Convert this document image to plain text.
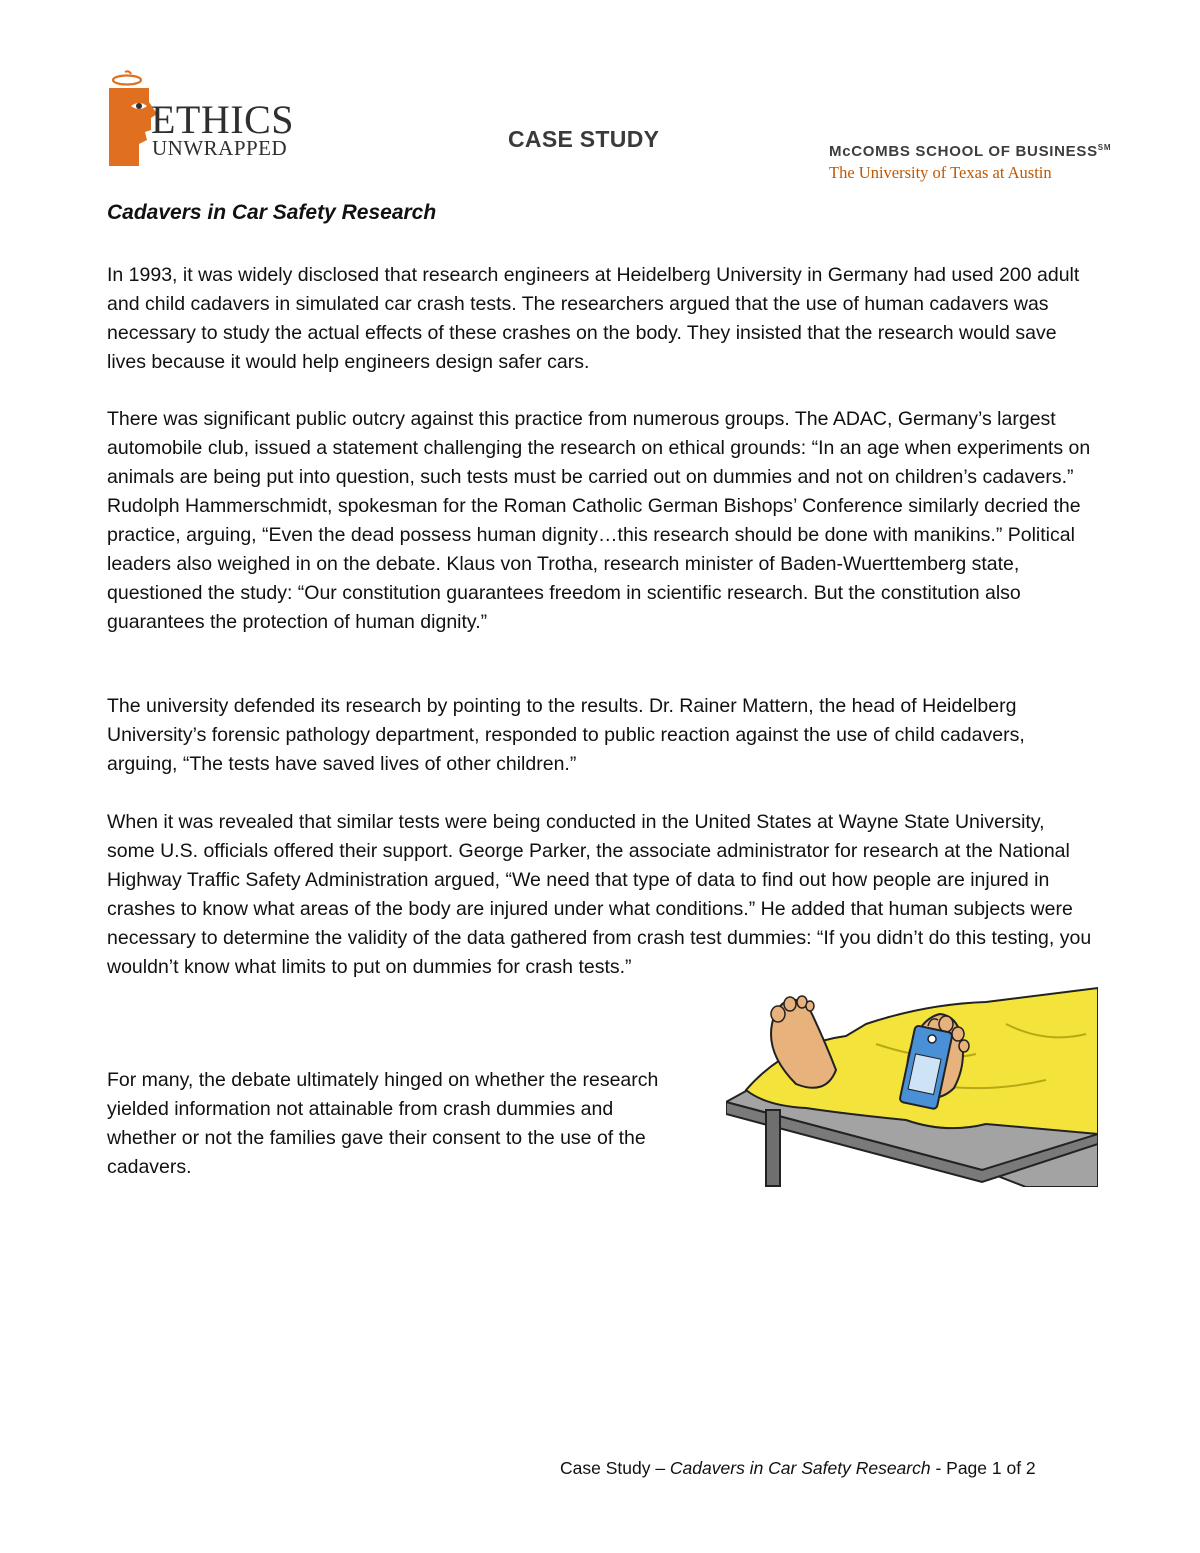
ETHICS
UNWRAPPED	CASE STUDY	McCOMBS SCHOOL OF BUSINESS℠
The University of Texas at Austin
Cadavers in Car Safety Research

In 1993, it was widely disclosed that research engineers at Heidelberg University in Germany had used 200 adult and child cadavers in simulated car crash tests. The researchers argued that the use of human cadavers was necessary to study the actual effects of these crashes on the body. They insisted that the research would save lives because it would help engineers design safer cars.

There was significant public outcry against this practice from numerous groups. The ADAC, Germany’s largest automobile club, issued a statement challenging the research on ethical grounds: “In an age when experiments on animals are being put into question, such tests must be carried out on dummies and not on children’s cadavers.” Rudolph Hammerschmidt, spokesman for the Roman Catholic German Bishops’ Conference similarly decried the practice, arguing, “Even the dead possess human dignity…this research should be done with manikins.” Political leaders also weighed in on the debate. Klaus von Trotha, research minister of Baden-Wuerttemberg state, questioned the study: “Our constitution guarantees freedom in scientific research. But the constitution also guarantees the protection of human dignity.”

The university defended its research by pointing to the results. Dr. Rainer Mattern, the head of Heidelberg University’s forensic pathology department, responded to public reaction against the use of child cadavers, arguing, “The tests have saved lives of other children.”

When it was revealed that similar tests were being conducted in the United States at Wayne State University, some U.S. officials offered their support. George Parker, the associate administrator for research at the National Highway Traffic Safety Administration argued, “We need that type of data to find out how people are injured in crashes to know what areas of the body are injured under what conditions.” He added that human subjects were necessary to determine the validity of the data gathered from crash test dummies: “If you didn’t do this testing, you wouldn’t know what limits to put on dummies for crash tests.”

For many, the debate ultimately hinged on whether the research yielded information not attainable from crash dummies and whether or not the families gave their consent to the use of the cadavers.

Case Study – Cadavers in Car Safety Research - Page 1 of 2
